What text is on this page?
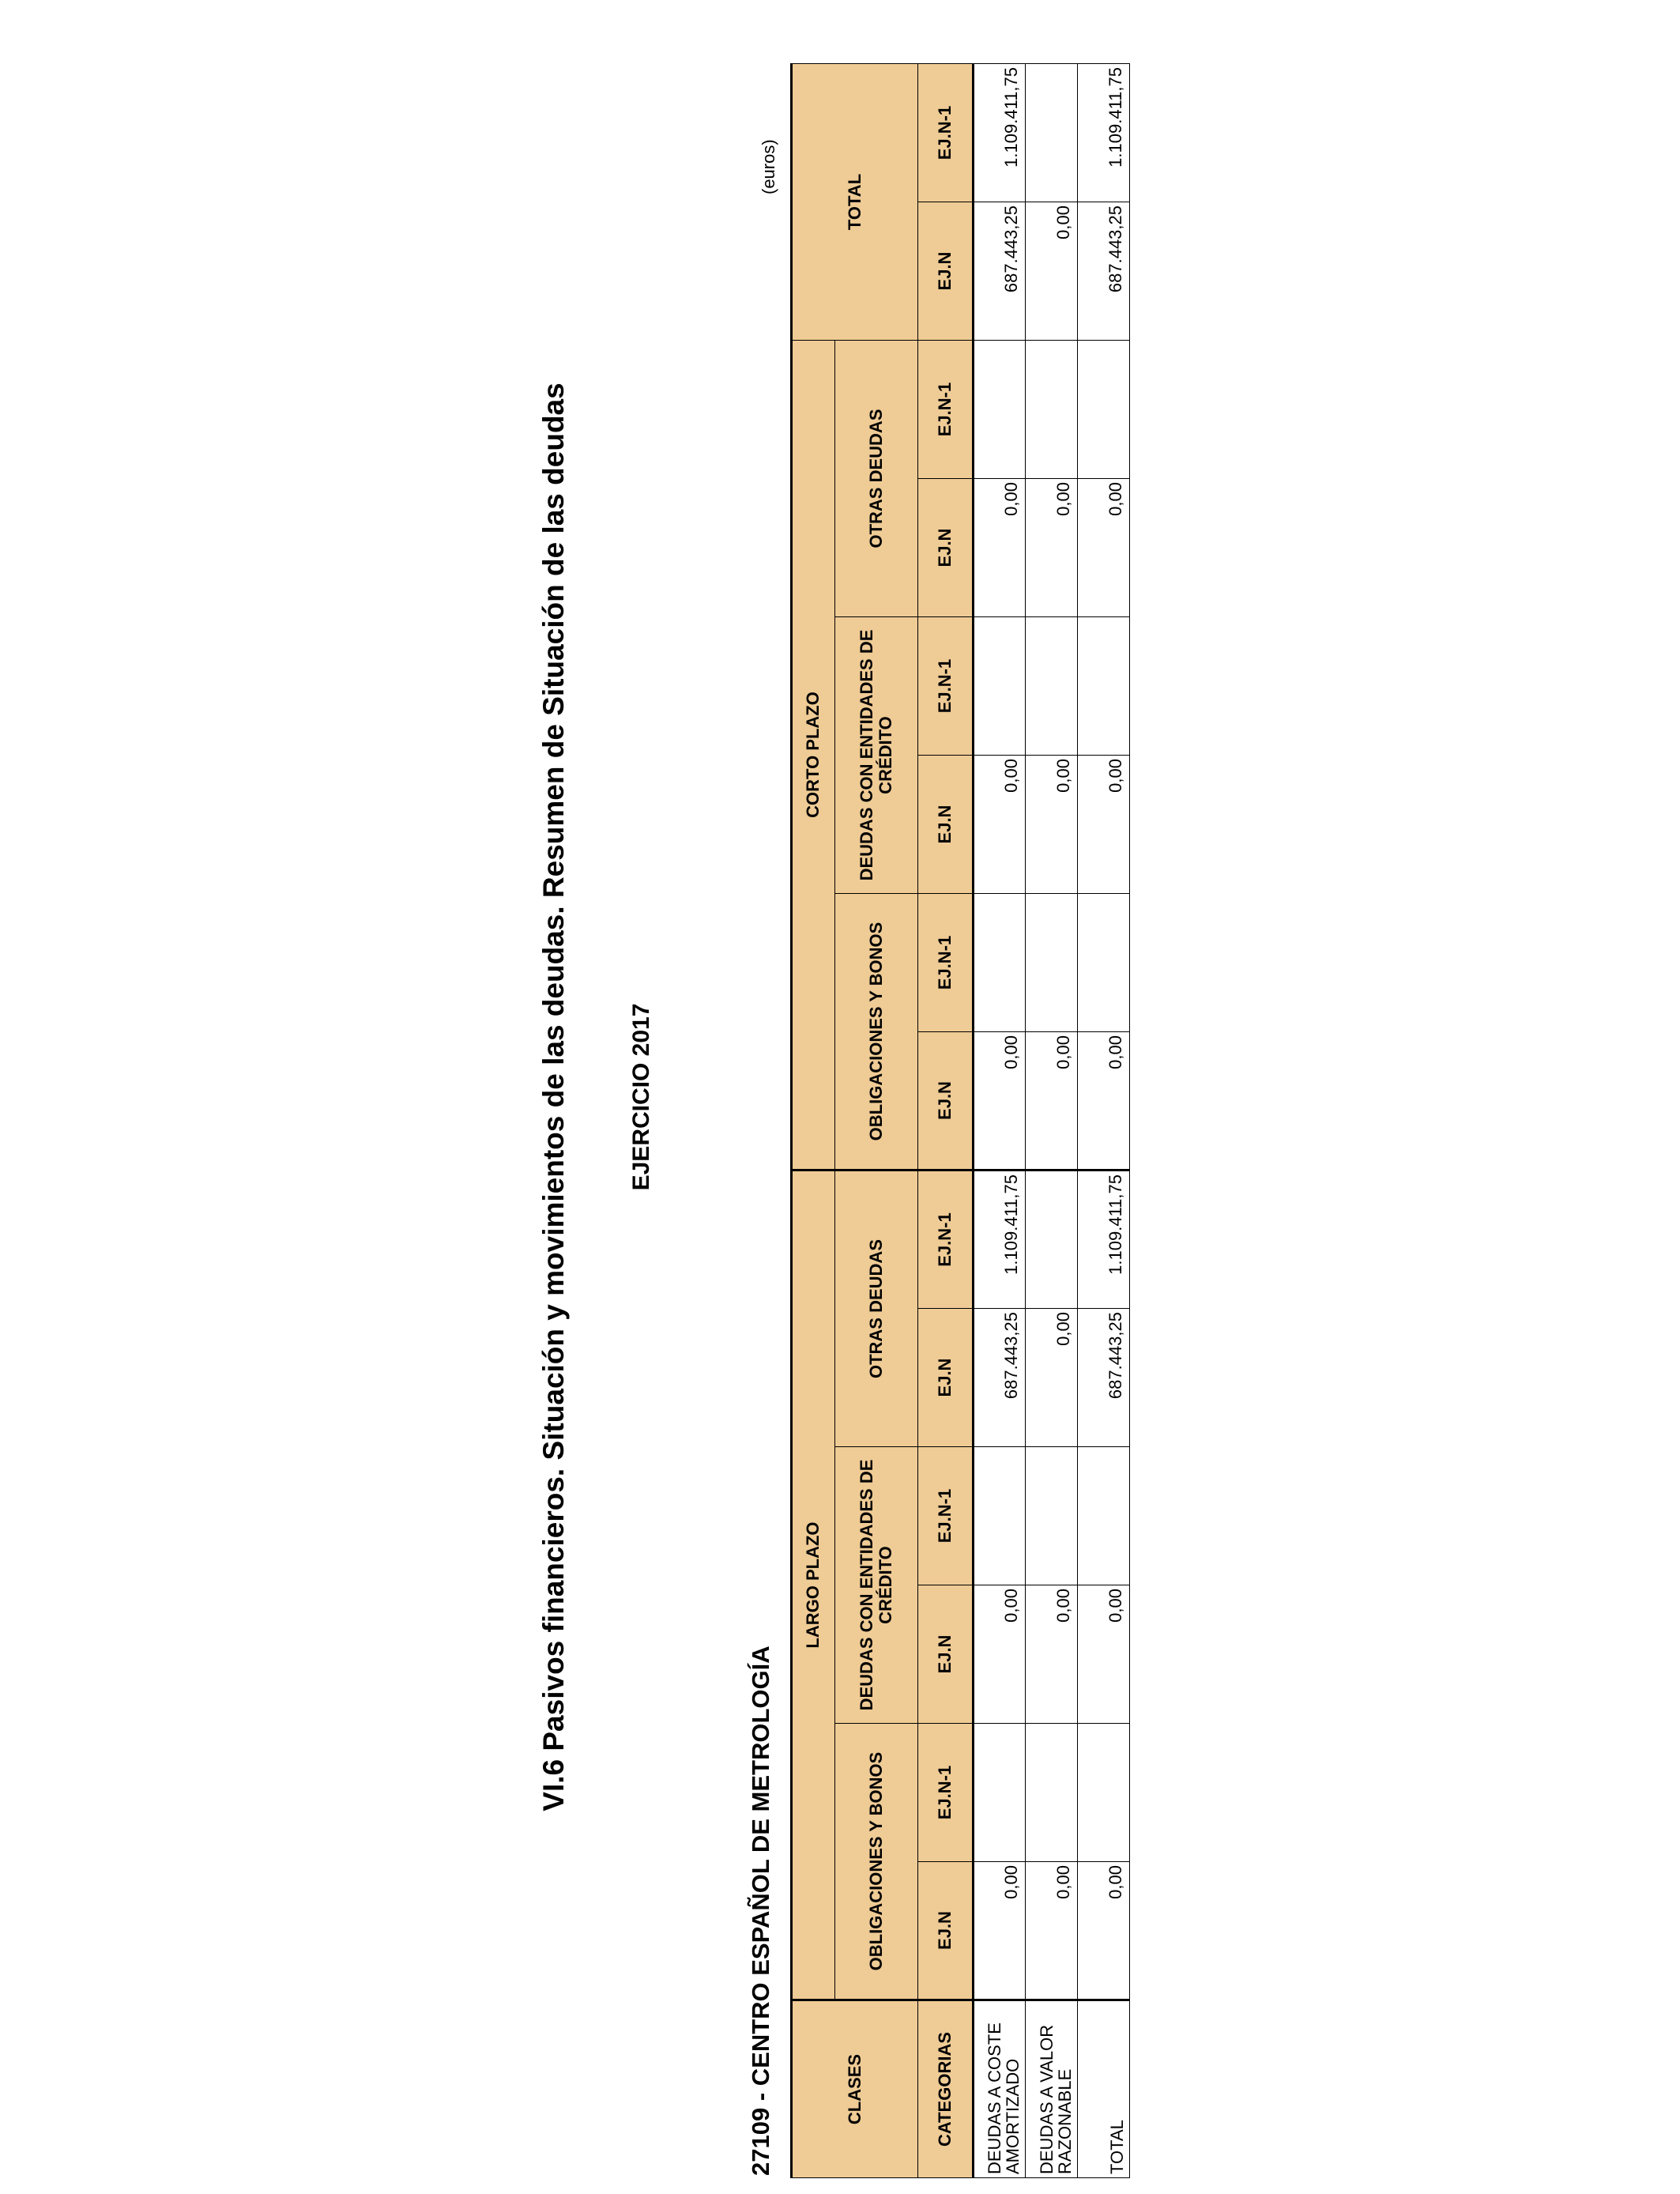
VI.6 Pasivos financieros. Situación y movimientos de las deudas. Resumen de Situación de las deudas EJERCICIO 2017
27109 - CENTRO ESPAÑOL DE METROLOGÍA
(euros)
CLASES	LARGO PLAZO						CORTO PLAZO						TOTAL	
	OBLIGACIONES Y BONOS		DEUDAS CON ENTIDADES DE CRÉDITO		OTRAS DEUDAS		OBLIGACIONES Y BONOS		DEUDAS CON ENTIDADES DE CRÉDITO		OTRAS DEUDAS			
CATEGORIAS	EJ.N	EJ.N-1	EJ.N	EJ.N-1	EJ.N	EJ.N-1	EJ.N	EJ.N-1	EJ.N	EJ.N-1	EJ.N	EJ.N-1	EJ.N	EJ.N-1
DEUDAS A COSTE AMORTIZADO	0,00		0,00		687.443,25	1.109.411,75	0,00		0,00		0,00		687.443,25	1.109.411,75
DEUDAS A VALOR RAZONABLE	0,00		0,00		0,00		0,00		0,00		0,00		0,00	
TOTAL	0,00		0,00		687.443,25	1.109.411,75	0,00		0,00		0,00		687.443,25	1.109.411,75
